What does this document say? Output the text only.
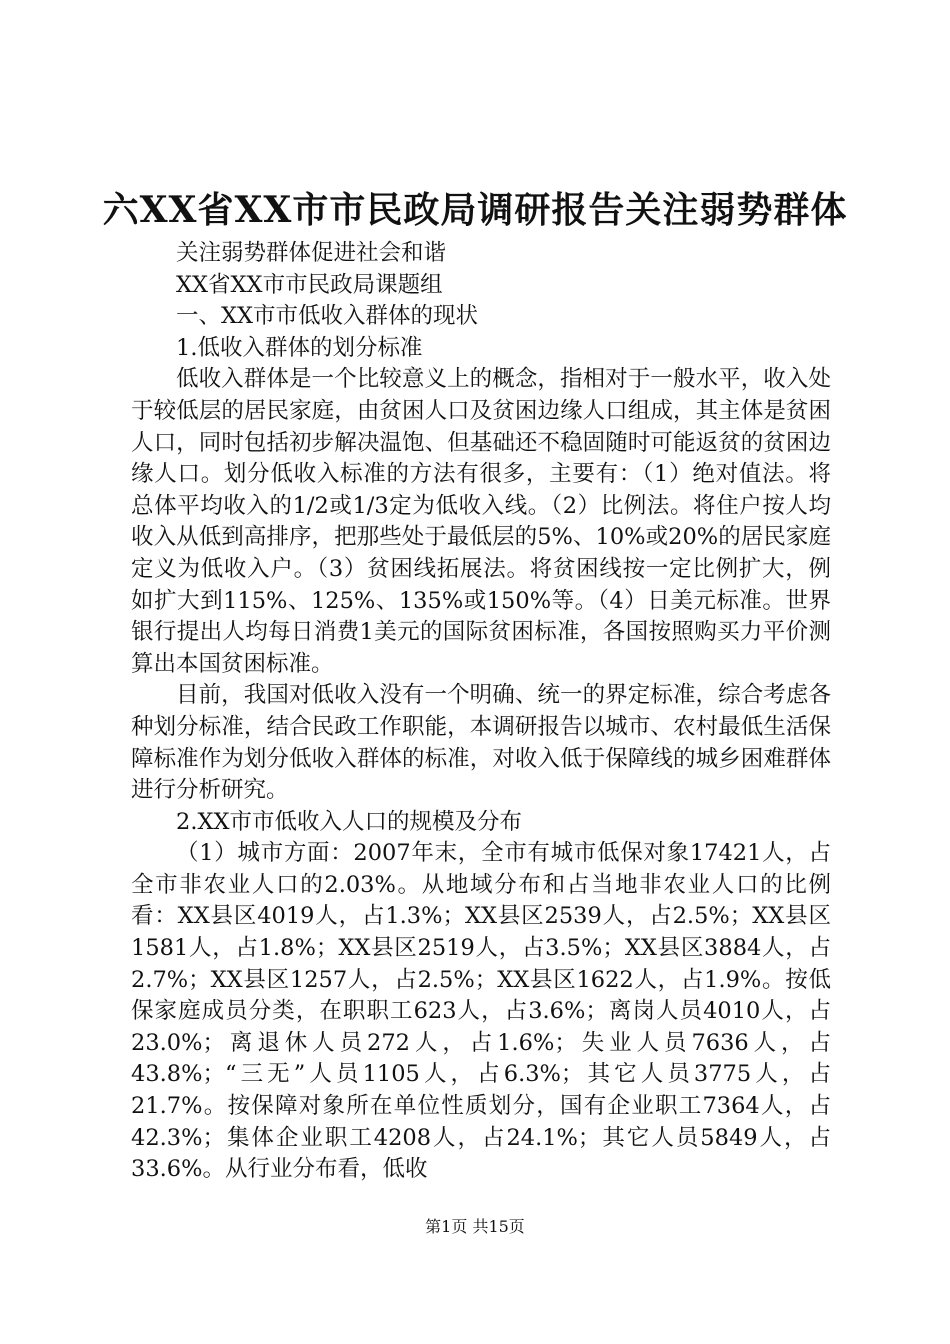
六XX省XX市市民政局调研报告关注弱势群体

关注弱势群体促进社会和谐

XX省XX市市民政局课题组

一、XX市市低收入群体的现状

1.低收入群体的划分标准

低收入群体是一个比较意义上的概念，指相对于一般水平，收入处于较低层的居民家庭，由贫困人口及贫困边缘人口组成，其主体是贫困人口，同时包括初步解决温饱、但基础还不稳固随时可能返贫的贫困边缘人口。划分低收入标准的方法有很多，主要有：（1）绝对值法。将总体平均收入的1/2或1/3定为低收入线。（2）比例法。将住户按人均收入从低到高排序，把那些处于最低层的5%、10%或20%的居民家庭定义为低收入户。（3）贫困线拓展法。将贫困线按一定比例扩大，例如扩大到115%、125%、135%或150%等。（4）日美元标准。世界银行提出人均每日消费1美元的国际贫困标准，各国按照购买力平价测算出本国贫困标准。

目前，我国对低收入没有一个明确、统一的界定标准，综合考虑各种划分标准，结合民政工作职能，本调研报告以城市、农村最低生活保障标准作为划分低收入群体的标准，对收入低于保障线的城乡困难群体进行分析研究。

2.XX市市低收入人口的规模及分布

（1）城市方面：2007年末，全市有城市低保对象17421人，占全市非农业人口的2.03%。从地域分布和占当地非农业人口的比例看：XX县区4019人，占1.3%；XX县区2539人，占2.5%；XX县区1581人，占1.8%；XX县区2519人，占3.5%；XX县区3884人，占2.7%；XX县区1257人，占2.5%；XX县区1622人，占1.9%。按低保家庭成员分类，在职职工623人，占3.6%；离岗人员4010人，占23.0%；离退休人员272人，占1.6%；失业人员7636人，占43.8%；“三无”人员1105人，占6.3%；其它人员3775人，占21.7%。按保障对象所在单位性质划分，国有企业职工7364人，占42.3%；集体企业职工4208人，占24.1%；其它人员5849人，占33.6%。从行业分布看，低收

第1页 共15页
